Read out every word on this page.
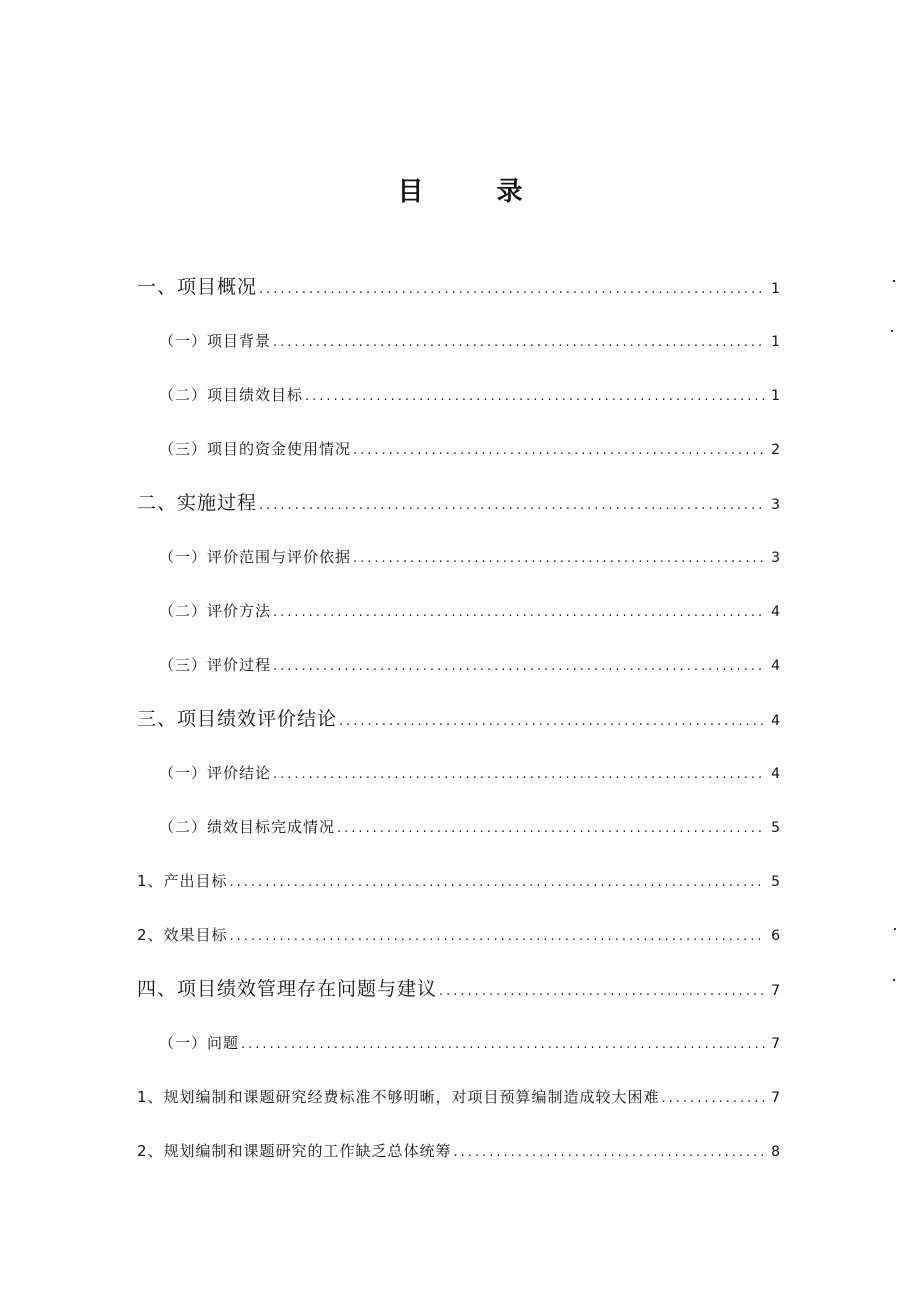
目 录
一、项目概况 .....	1
（一）项目背景 .....	1
（二）项目绩效目标 .....	1
（三）项目的资金使用情况 .....	2
二、实施过程 .....	3
（一）评价范围与评价依据 .....	3
（二）评价方法 .....	4
（三）评价过程 .....	4
三、项目绩效评价结论 .....	4
（一）评价结论 .....	4
（二）绩效目标完成情况 .....	5
1、产出目标 .....	5
2、效果目标 .....	6
四、项目绩效管理存在问题与建议 .....	7
（一）问题 .....	7
1、规划编制和课题研究经费标准不够明晰，对项目预算编制造成较大困难 .....	7
2、规划编制和课题研究的工作缺乏总体统筹 .....	8
